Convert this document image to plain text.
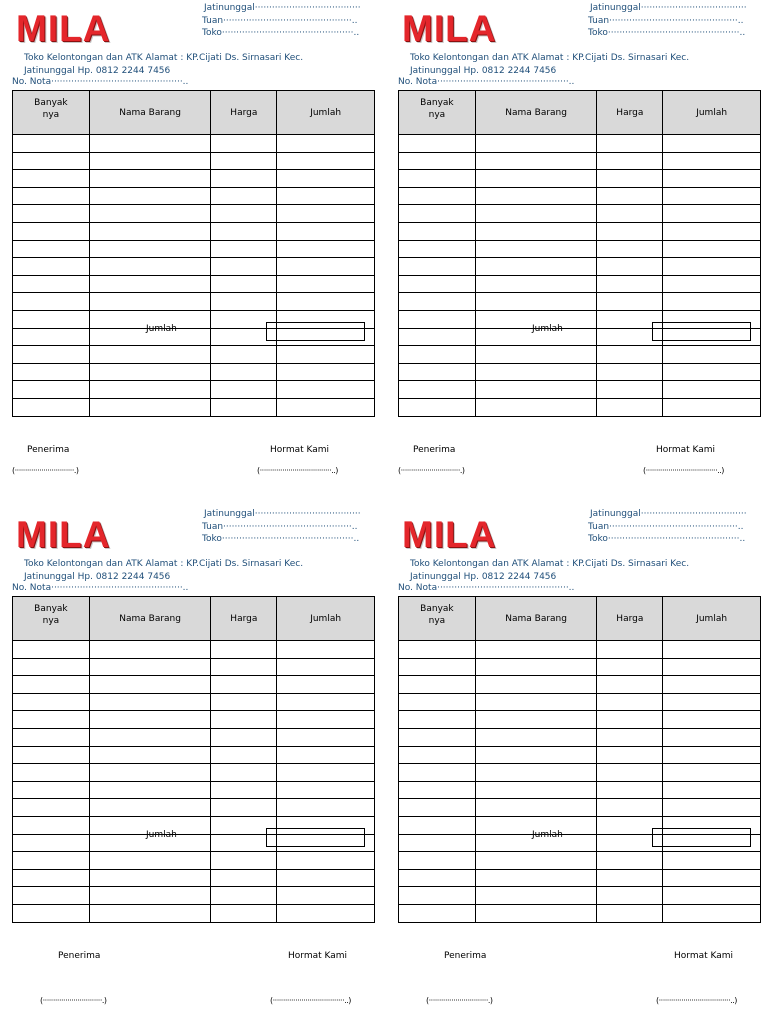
MILA	Jatinunggal·····································
Tuan·············································..
Toko··············································..
Toko Kelontongan dan ATK Alamat : KP.Cijati Ds. Sirnasari Kec.
Jatinunggal Hp. 0812 2244 7456
No. Nota··············································..
Banyak
nya	Nama Barang	Harga	Jumlah

Jumlah
Penerima	Hormat Kami
(·····························.)	(···································..)
MILA	Jatinunggal·····································
Tuan·············································..
Toko··············································..
Toko Kelontongan dan ATK Alamat : KP.Cijati Ds. Sirnasari Kec.
Jatinunggal Hp. 0812 2244 7456
No. Nota··············································..
Banyak
nya	Nama Barang	Harga	Jumlah

Jumlah
Penerima	Hormat Kami
(·····························.)	(···································..)
MILA	Jatinunggal·····································
Tuan·············································..
Toko··············································..
Toko Kelontongan dan ATK Alamat : KP.Cijati Ds. Sirnasari Kec.
Jatinunggal Hp. 0812 2244 7456
No. Nota··············································..
Banyak
nya	Nama Barang	Harga	Jumlah

Jumlah
Penerima	Hormat Kami
(·····························.)	(···································..)
MILA	Jatinunggal·····································
Tuan·············································..
Toko··············································..
Toko Kelontongan dan ATK Alamat : KP.Cijati Ds. Sirnasari Kec.
Jatinunggal Hp. 0812 2244 7456
No. Nota··············································..
Banyak
nya	Nama Barang	Harga	Jumlah

Jumlah
Penerima	Hormat Kami
(·····························.)	(···································..)
